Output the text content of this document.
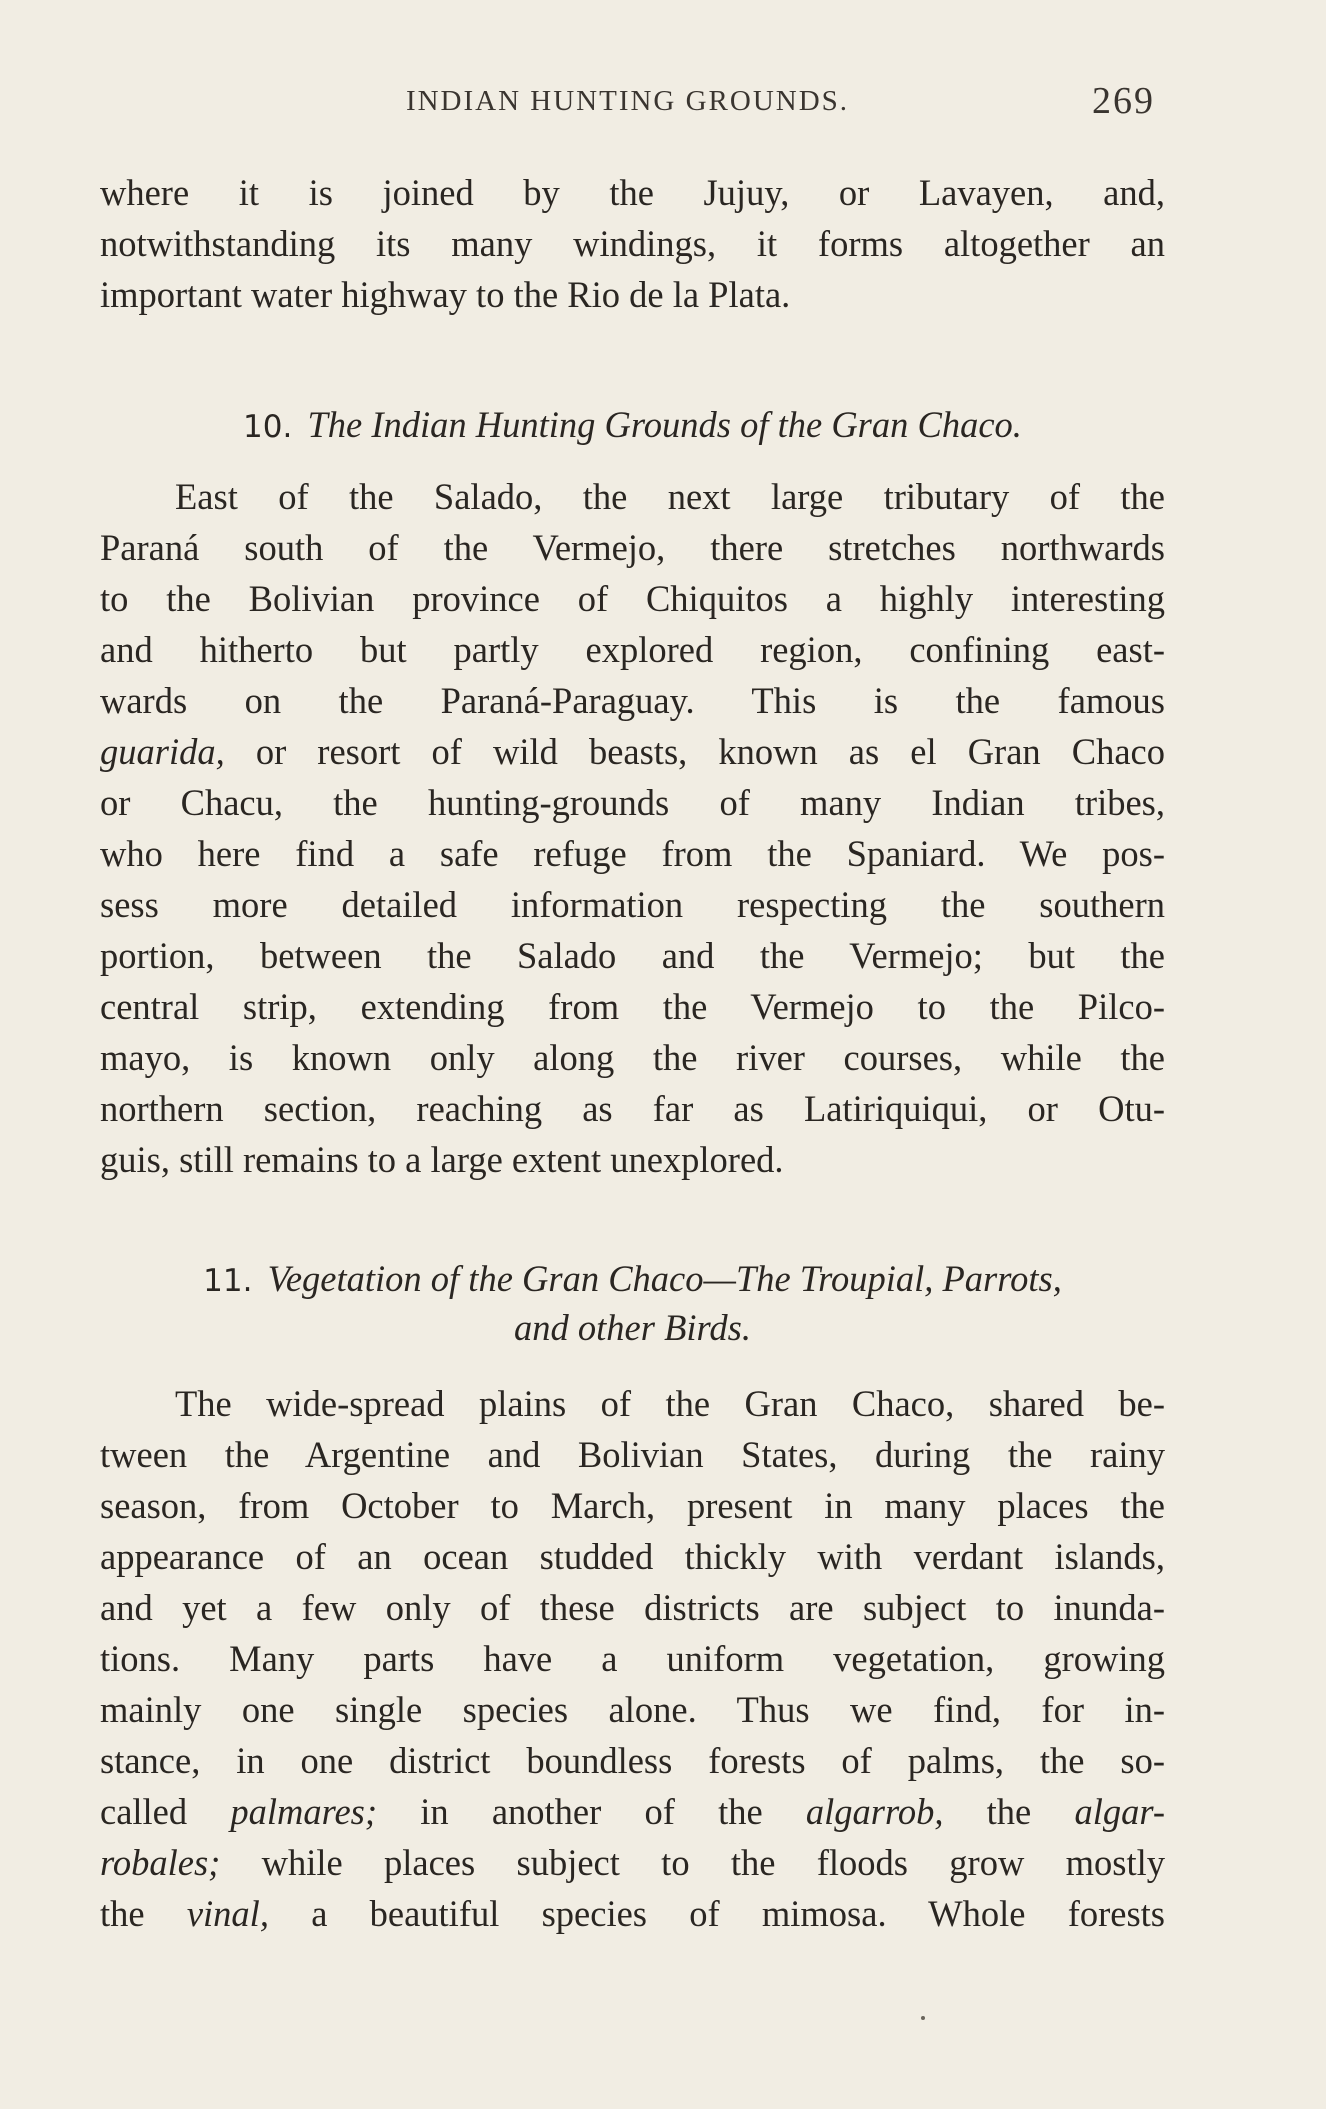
INDIAN HUNTING GROUNDS.	269
where it is joined by the Jujuy, or Lavayen, and,
notwithstanding its many windings, it forms altogether an
important water highway to the Rio de la Plata.
10. The Indian Hunting Grounds of the Gran Chaco.
East of the Salado, the next large tributary of the
Paraná south of the Vermejo, there stretches northwards
to the Bolivian province of Chiquitos a highly interesting
and hitherto but partly explored region, confining east-
wards on the Paraná-Paraguay. This is the famous
guarida, or resort of wild beasts, known as el Gran Chaco
or Chacu, the hunting-grounds of many Indian tribes,
who here find a safe refuge from the Spaniard. We pos-
sess more detailed information respecting the southern
portion, between the Salado and the Vermejo; but the
central strip, extending from the Vermejo to the Pilco-
mayo, is known only along the river courses, while the
northern section, reaching as far as Latiriquiqui, or Otu-
guis, still remains to a large extent unexplored.
11. Vegetation of the Gran Chaco—The Troupial, Parrots,
and other Birds.
The wide-spread plains of the Gran Chaco, shared be-
tween the Argentine and Bolivian States, during the rainy
season, from October to March, present in many places the
appearance of an ocean studded thickly with verdant islands,
and yet a few only of these districts are subject to inunda-
tions. Many parts have a uniform vegetation, growing
mainly one single species alone. Thus we find, for in-
stance, in one district boundless forests of palms, the so-
called palmares; in another of the algarrob, the algar-
robales; while places subject to the floods grow mostly
the vinal, a beautiful species of mimosa. Whole forests
